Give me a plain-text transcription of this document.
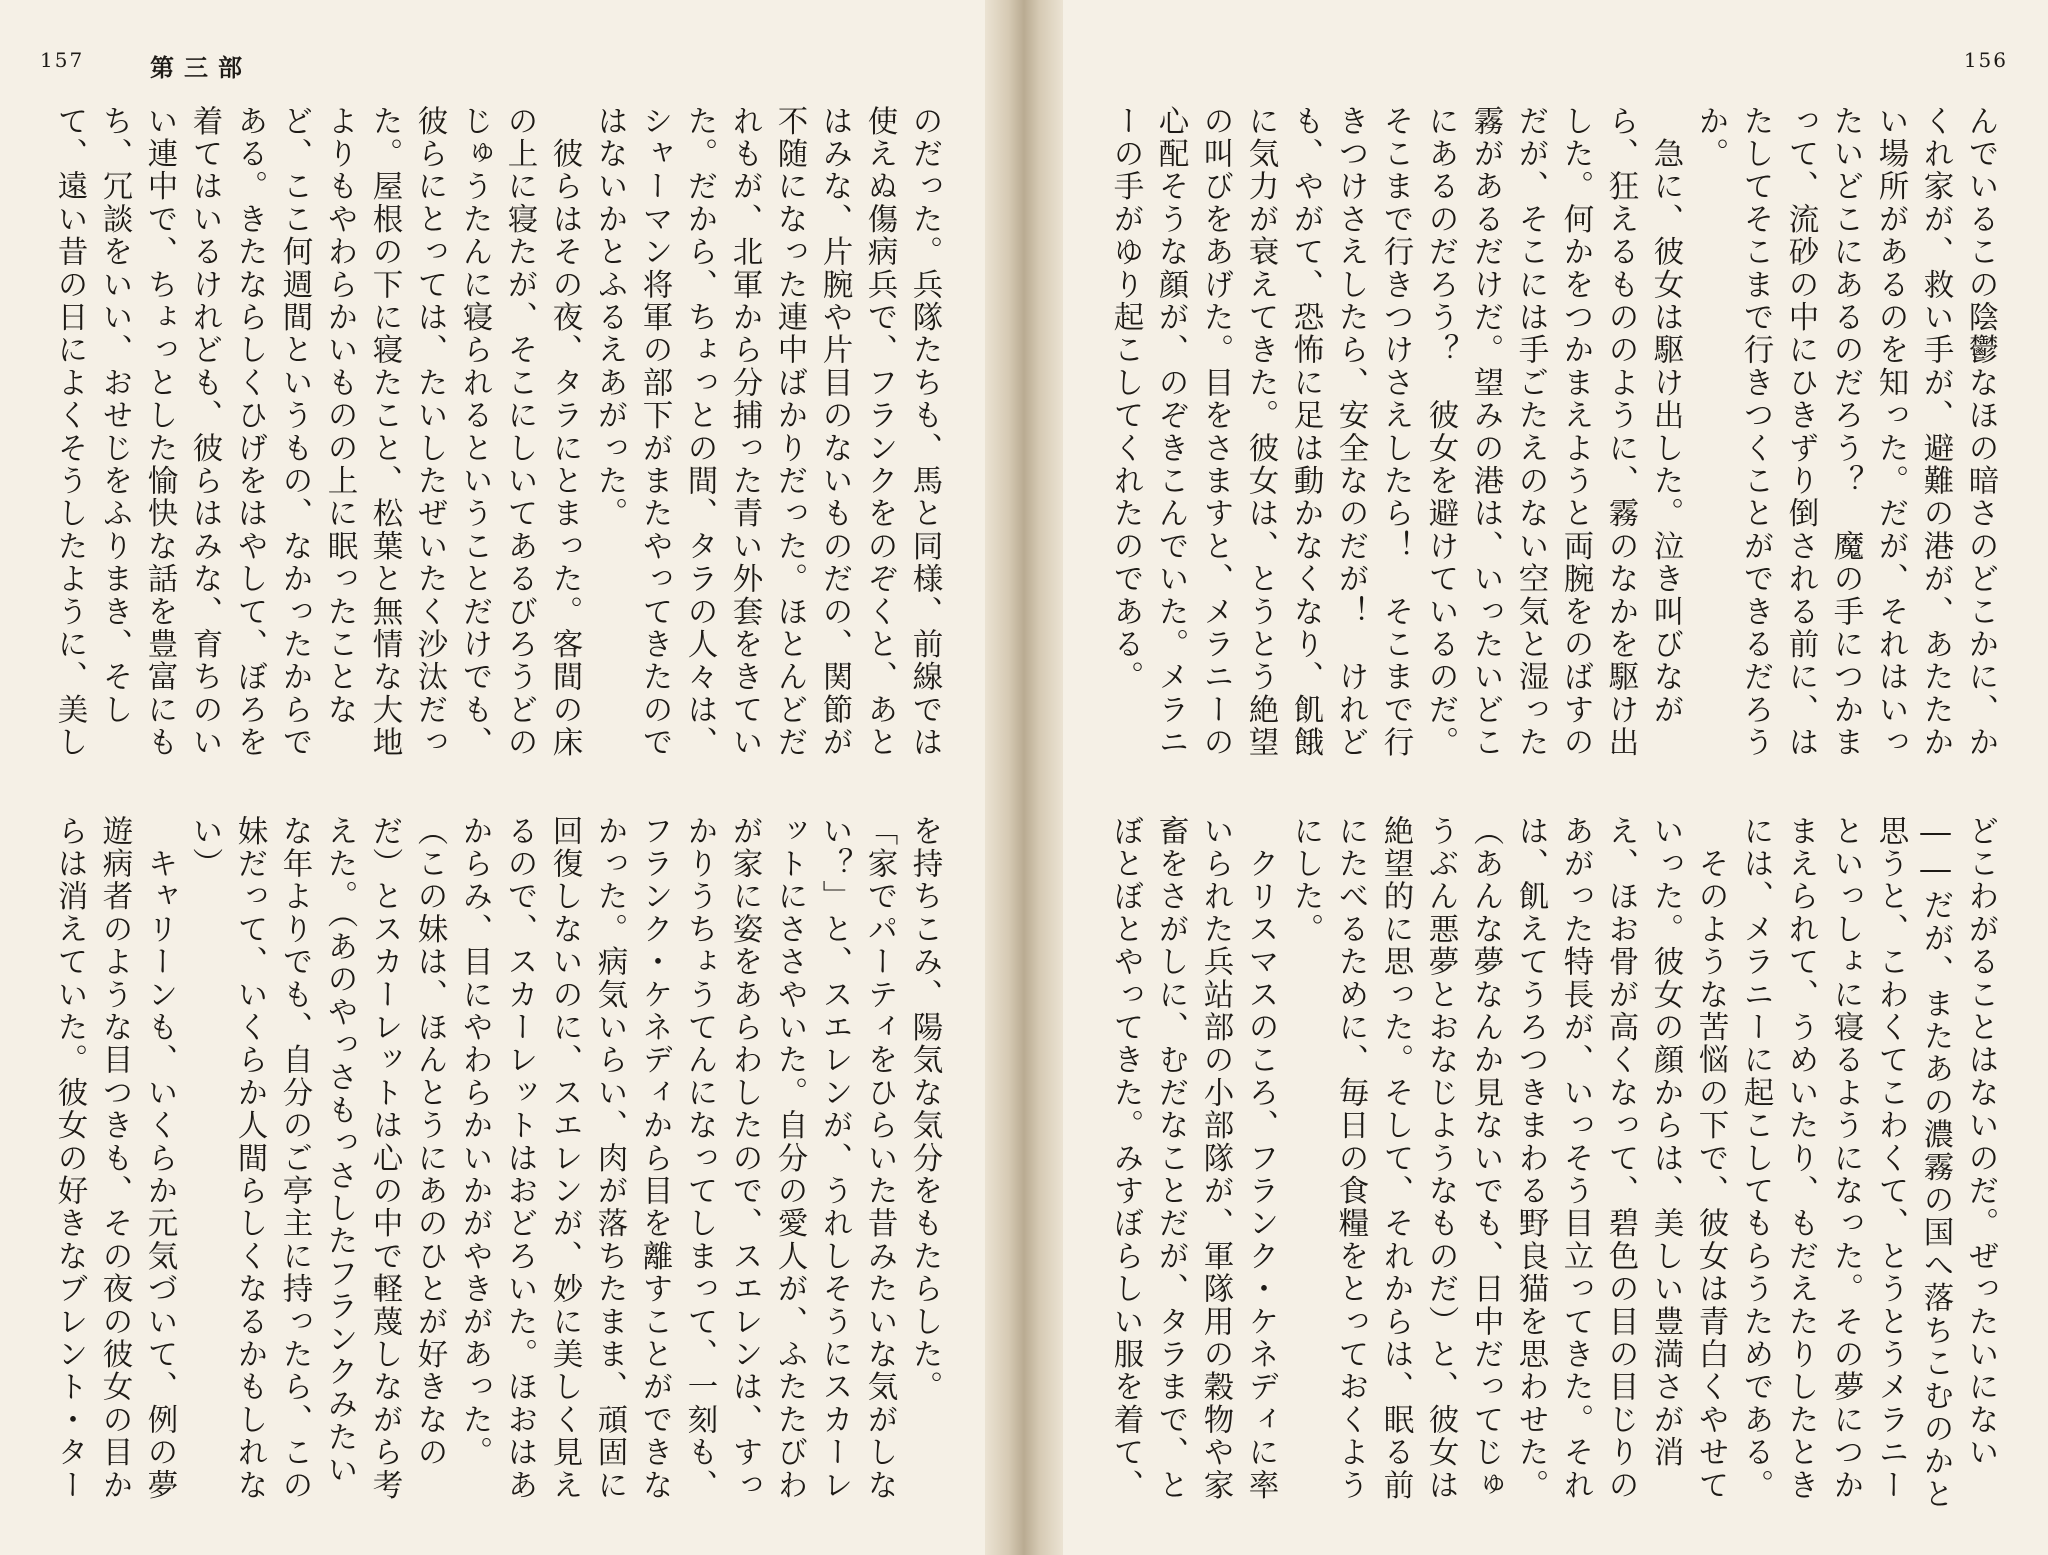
157	第三部
のだった。兵隊たちも、馬と同様、前線では使えぬ傷病兵で、フランクをのぞくと、あとはみな、片腕や片目のないものだの、関節が不随になった連中ばかりだった。ほとんどだれもが、北軍から分捕った青い外套をきていた。だから、ちょっとの間、タラの人々は、シャーマン将軍の部下がまたやってきたのではないかとふるえあがった。
　彼らはその夜、タラにとまった。客間の床の上に寝たが、そこにしいてあるびろうどのじゅうたんに寝られるということだけでも、彼らにとっては、たいしたぜいたく沙汰だった。屋根の下に寝たこと、松葉と無情な大地よりもやわらかいものの上に眠ったことなど、ここ何週間というもの、なかったからである。きたならしくひげをはやして、ぼろを着てはいるけれども、彼らはみな、育ちのいい連中で、ちょっとした愉快な話を豊富にもち、冗談をいい、おせじをふりまき、そして、遠い昔の日によくそうしたように、美し
を持ちこみ、陽気な気分をもたらした。
「家でパーティをひらいた昔みたいな気がしない？」と、スエレンが、うれしそうにスカーレットにささやいた。自分の愛人が、ふたたびわが家に姿をあらわしたので、スエレンは、すっかりうちょうてんになってしまって、一刻も、フランク・ケネディから目を離すことができなかった。病気いらい、肉が落ちたまま、頑固に回復しないのに、スエレンが、妙に美しく見えるので、スカーレットはおどろいた。ほおはあからみ、目にやわらかいかがやきがあった。
（この妹は、ほんとうにあのひとが好きなのだ）とスカーレットは心の中で軽蔑しながら考えた。（あのやっさもっさしたフランクみたいな年よりでも、自分のご亭主に持ったら、この妹だって、いくらか人間らしくなるかもしれない）
　キャリーンも、いくらか元気づいて、例の夢遊病者のような目つきも、その夜の彼女の目からは消えていた。彼女の好きなブレント・ター
156
んでいるこの陰鬱なほの暗さのどこかに、かくれ家が、救い手が、避難の港が、あたたかい場所があるのを知った。だが、それはいったいどこにあるのだろう？　魔の手につかまって、流砂の中にひきずり倒される前に、はたしてそこまで行きつくことができるだろうか。
　急に、彼女は駆け出した。泣き叫びながら、狂えるもののように、霧のなかを駆け出した。何かをつかまえようと両腕をのばすのだが、そこには手ごたえのない空気と湿った霧があるだけだ。望みの港は、いったいどこにあるのだろう？　彼女を避けているのだ。そこまで行きつけさえしたら！　そこまで行きつけさえしたら、安全なのだが！　けれども、やがて、恐怖に足は動かなくなり、飢餓に気力が衰えてきた。彼女は、とうとう絶望の叫びをあげた。目をさますと、メラニーの心配そうな顔が、のぞきこんでいた。メラニーの手がゆり起こしてくれたのである。

どこわがることはないのだ。ぜったいにない――だが、またあの濃霧の国へ落ちこむのかと思うと、こわくてこわくて、とうとうメラニーといっしょに寝るようになった。その夢につかまえられて、うめいたり、もだえたりしたときには、メラニーに起こしてもらうためである。
　そのような苦悩の下で、彼女は青白くやせていった。彼女の顔からは、美しい豊満さが消え、ほお骨が高くなって、碧色の目の目じりのあがった特長が、いっそう目立ってきた。それは、飢えてうろつきまわる野良猫を思わせた。
（あんな夢なんか見ないでも、日中だってじゅうぶん悪夢とおなじようなものだ）と、彼女は絶望的に思った。そして、それからは、眠る前にたべるために、毎日の食糧をとっておくようにした。
　クリスマスのころ、フランク・ケネディに率いられた兵站部の小部隊が、軍隊用の穀物や家畜をさがしに、むだなことだが、タラまで、とぼとぼとやってきた。みすぼらしい服を着て、
